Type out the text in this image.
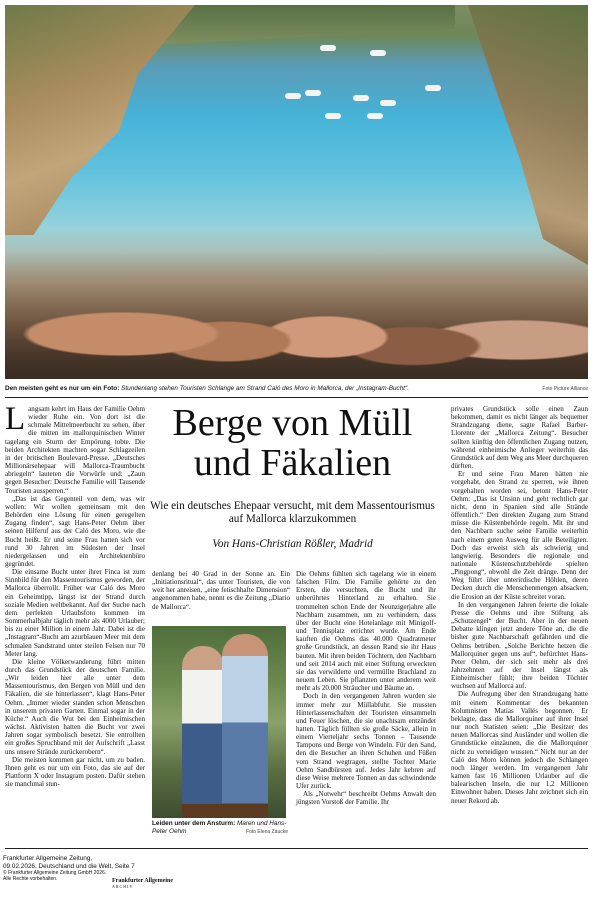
Den meisten geht es nur um ein Foto: Stundenlang stehen Touristen Schlange am Strand Caló des Moro in Mallorca, der „Instagram-Bucht“.	Foto Picture Alliance
L angsam kehrt im Haus der Familie Oehm wieder Ruhe ein. Von dort ist die schmale Mittelmeerbucht zu sehen, über die mitten im mallorquinischen Winter tagelang ein Sturm der Empörung tobte. Die beiden Architekten machten sogar Schlagzeilen in der britischen Boulevard-Presse. „Deutsches Millionärsehepaar will Mallorca-Traumbucht abriegeln“ lauteten die Vorwürfe und: „Zaun gegen Besucher: Deutsche Familie will Tausende Touristen aussperren.“

„Das ist das Gegenteil von dem, was wir wollen: Wir wollen gemeinsam mit den Behörden eine Lösung für einen geregelten Zugang finden“, sagt Hans-Peter Oehm über seinen Hilferuf aus der Caló des Moro, wie die Bucht heißt. Er und seine Frau hatten sich vor rund 30 Jahren im Südosten der Insel niedergelassen und ein Architektenbüro gegründet.

Die einsame Bucht unter ihrer Finca ist zum Sinnbild für den Massentourismus geworden, der Mallorca überrollt. Früher war Caló des Moro ein Geheimtipp, längst ist der Strand durch soziale Medien weltbekannt. Auf der Suche nach dem perfekten Urlaubsfoto kommen im Sommerhalbjahr täglich mehr als 4000 Urlauber; bis zu einer Million in einem Jahr. Dabei ist die „Instagram“-Bucht am azurblauen Meer mit dem schmalen Sandstrand unter steilen Felsen nur 70 Meter lang.

Die kleine Völkerwanderung führt mitten durch das Grundstück der deutschen Familie. „Wir leiden hier alle unter dem Massentourismus, den Bergen von Müll und den Fäkalien, die sie hinterlassen“, klagt Hans-Peter Oehm. „Immer wieder standen schon Menschen in unserem privaten Garten. Einmal sogar in der Küche.“ Auch die Wut bei den Einheimischen wächst. Aktivisten hatten die Bucht vor zwei Jahren sogar symbolisch besetzt. Sie entrollten ein großes Spruchband mit der Aufschrift „Lasst uns unsere Strände zurückerobern“.

Die meisten kommen gar nicht, um zu baden. Ihnen geht es nur um ein Foto, das sie auf der Plattform X oder Instagram posten. Dafür stehen sie manchmal stun-

Berge von Müll
und Fäkalien
Wie ein deutsches Ehepaar versucht, mit dem Massentourismus auf Mallorca klarzukommen
Von Hans-Christian Rößler, Madrid

denlang bei 40 Grad in der Sonne an. Ein „Initiationsritual“, das unter Touristen, die von weit her anreisen, „eine fetischhafte Dimension“ angenommen habe, nennt es die Zeitung „Diario de Mallorca“.

Leiden unter dem Ansturm: Maren und Hans-Peter Oehm	Foto Elena Zaucke

Die Oehms fühlten sich tagelang wie in einem falschen Film. Die Familie gehörte zu den Ersten, die versuchten, die Bucht und ihr unberührtes Hinterland zu erhalten. Sie trommelten schon Ende der Neunzigerjahre alle Nachbarn zusammen, um zu verhindern, dass über der Bucht eine Hotelanlage mit Minigolf- und Tennisplatz errichtet wurde. Am Ende kauften die Oehms das 40.000 Quadratmeter große Grundstück, an dessen Rand sie ihr Haus bauten. Mit ihren beiden Töchtern, den Nachbarn und seit 2014 auch mit einer Stiftung erweckten sie das verwilderte und vermüllte Brachland zu neuem Leben. Sie pflanzten unter anderem weit mehr als 20.000 Sträucher und Bäume an.

Doch in den vergangenen Jahren wurden sie immer mehr zur Müllabfuhr. Sie mussten Hinterlassenschaften der Touristen einsammeln und Feuer löschen, die sie unachtsam entzündet hatten. Täglich füllten sie große Säcke, allein in einem Vierteljahr sechs Tonnen – Tausende Tampons und Berge von Windeln. Für den Sand, den die Besucher an ihren Schuhen und Füßen vom Strand wegtragen, stellte Tochter Marie Oehm Sandbürsten auf. Jedes Jahr kehren auf diese Weise mehrere Tonnen an das schwindende Ufer zurück.

Als „Notwehr“ beschreibt Oehms Anwalt den jüngsten Vorstoß der Familie. Ihr

privates Grundstück solle einen Zaun bekommen, damit es nicht länger als bequemer Strandzugang diene, sagte Rafael Barber-Llorente der „Mallorca Zeitung“. Besucher sollten künftig den öffentlichen Zugang nutzen, während einheimische Anlieger weiterhin das Grundstück auf dem Weg ans Meer durchqueren dürften.

Er und seine Frau Maren hätten nie vorgehabt, den Strand zu sperren, wie ihnen vorgehalten worden sei, betont Hans-Peter Oehm: „Das ist Unsinn und geht rechtlich gar nicht, denn in Spanien sind alle Strände öffentlich.“ Den direkten Zugang zum Strand müsse die Küstenbehörde regeln. Mit ihr und den Nachbarn suche seine Familie weiterhin nach einem guten Ausweg für alle Beteiligten. Doch das erweist sich als schwierig und langwierig. Besonders die regionale und nationale Küstenschutzbehörde spielten „Pingpong“, obwohl die Zeit dränge. Denn der Weg führt über unterirdische Höhlen, deren Decken durch die Menschenmengen absacken, die Erosion an der Küste schreitet voran.

In den vergangenen Jahren feierte die lokale Presse die Oehms und ihre Stiftung als „Schutzengel“ der Bucht. Aber in der neuen Debatte klingen jetzt andere Töne an, die die bisher gute Nachbarschaft gefährden und die Oehms betrüben. „Solche Berichte hetzen die Mallorquiner gegen uns auf“, befürchtet Hans-Peter Oehm, der sich seit mehr als drei Jahrzehnten auf der Insel längst als Einheimischer fühlt; ihre beiden Töchter wuchsen auf Mallorca auf.

Die Aufregung über den Strandzugang hatte mit einem Kommentar des bekannten Kolumnisten Matías Vallés begonnen. Er beklagte, dass die Mallorquiner auf ihrer Insel nur noch Statisten seien: „Die Besitzer des neuen Mallorcas sind Ausländer und wollen die Grundstücke einzäunen, die die Mallorquiner nicht zu verteidigen wussten.“ Nicht nur an der Caló des Moro können jedoch die Schlangen noch länger werden. Im vergangenen Jahr kamen fast 16 Millionen Urlauber auf die balearischen Inseln, die nur 1,2 Millionen Einwohner haben. Dieses Jahr zeichnet sich ein neuer Rekord ab.

Frankfurter Allgemeine Zeitung,
09.02.2026, Deutschland und die Welt, Seite 7
© Frankfurter Allgemeine Zeitung GmbH 2026.
Alle Rechte vorbehalten.	Frankfurter Allgemeine
ARCHIV
